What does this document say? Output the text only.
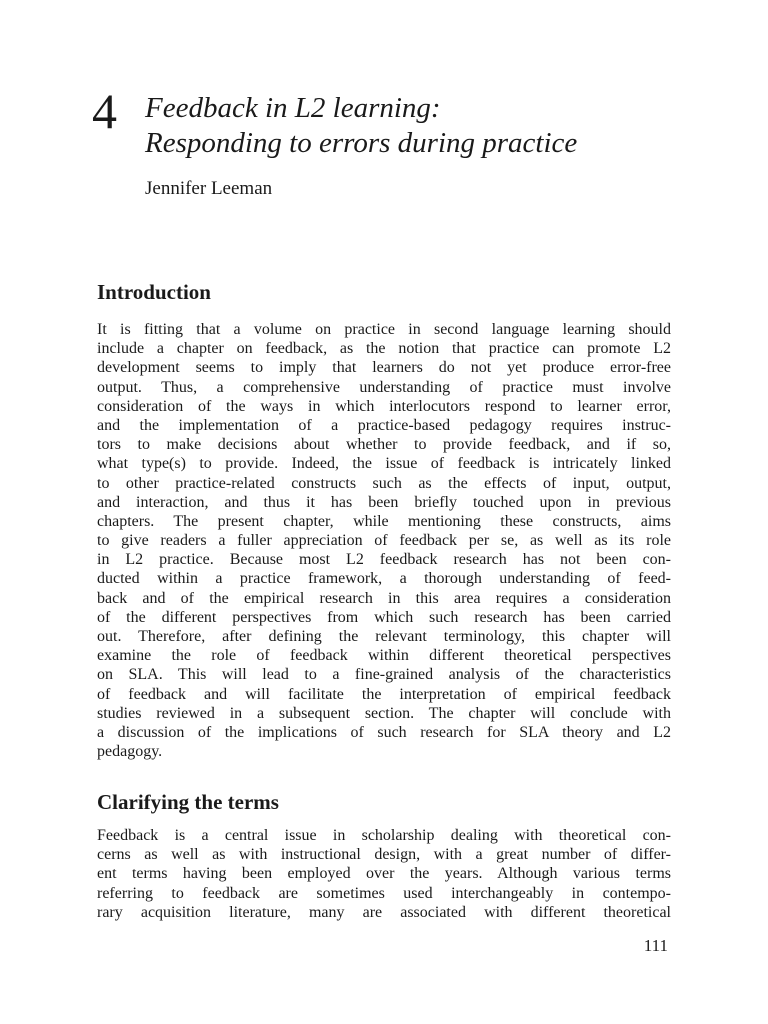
4 Feedback in L2 learning:
Responding to errors during practice
Jennifer Leeman
Introduction
It is fitting that a volume on practice in second language learning should
include a chapter on feedback, as the notion that practice can promote L2
development seems to imply that learners do not yet produce error-free
output. Thus, a comprehensive understanding of practice must involve
consideration of the ways in which interlocutors respond to learner error,
and the implementation of a practice-based pedagogy requires instruc-
tors to make decisions about whether to provide feedback, and if so,
what type(s) to provide. Indeed, the issue of feedback is intricately linked
to other practice-related constructs such as the effects of input, output,
and interaction, and thus it has been briefly touched upon in previous
chapters. The present chapter, while mentioning these constructs, aims
to give readers a fuller appreciation of feedback per se, as well as its role
in L2 practice. Because most L2 feedback research has not been con-
ducted within a practice framework, a thorough understanding of feed-
back and of the empirical research in this area requires a consideration
of the different perspectives from which such research has been carried
out. Therefore, after defining the relevant terminology, this chapter will
examine the role of feedback within different theoretical perspectives
on SLA. This will lead to a fine-grained analysis of the characteristics
of feedback and will facilitate the interpretation of empirical feedback
studies reviewed in a subsequent section. The chapter will conclude with
a discussion of the implications of such research for SLA theory and L2
pedagogy.
Clarifying the terms
Feedback is a central issue in scholarship dealing with theoretical con-
cerns as well as with instructional design, with a great number of differ-
ent terms having been employed over the years. Although various terms
referring to feedback are sometimes used interchangeably in contempo-
rary acquisition literature, many are associated with different theoretical
111
